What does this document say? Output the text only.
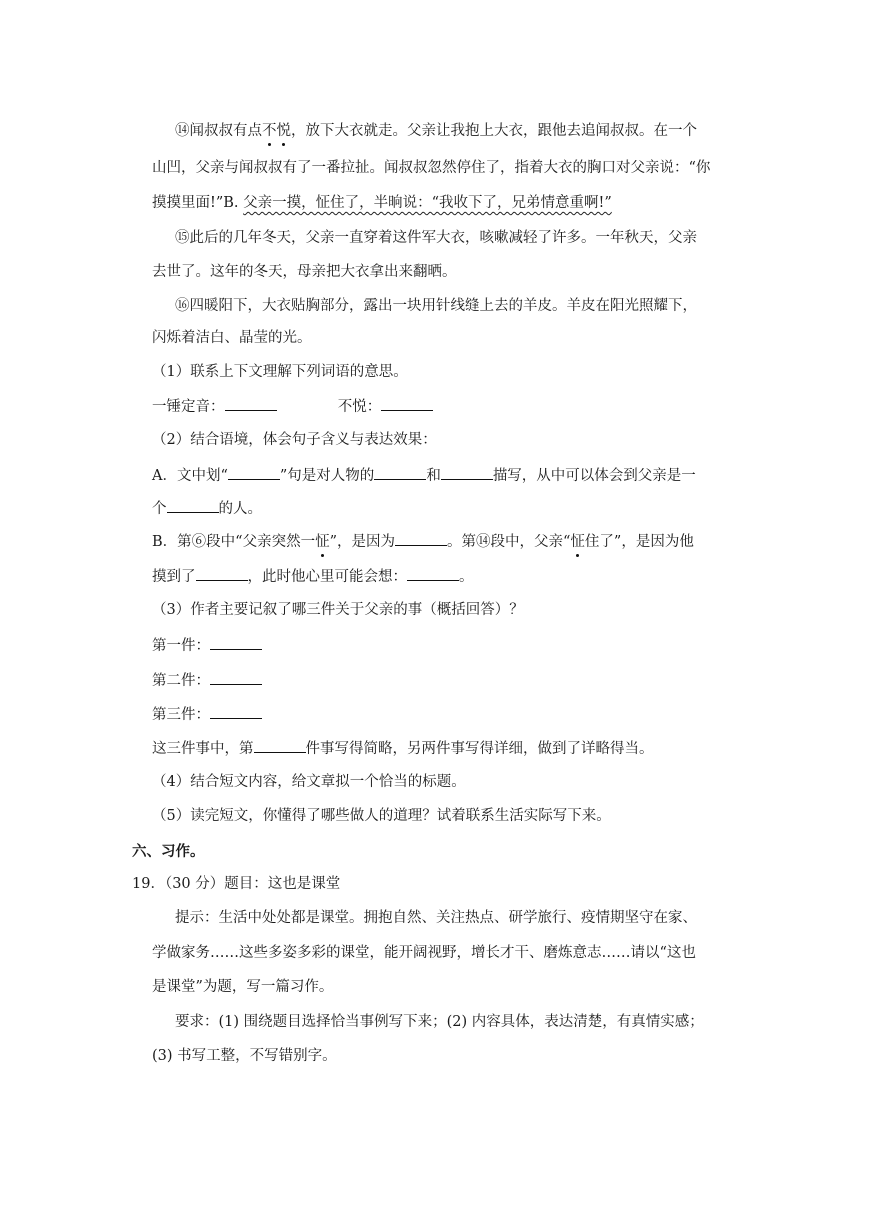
⑭闻叔叔有点不悦，放下大衣就走。父亲让我抱上大衣，跟他去追闻叔叔。在一个
山凹，父亲与闻叔叔有了一番拉扯。闻叔叔忽然停住了，指着大衣的胸口对父亲说：“你
摸摸里面!”B. 父亲一摸，怔住了，半晌说：“我收下了，兄弟情意重啊!”
⑮此后的几年冬天，父亲一直穿着这件军大衣，咳嗽减轻了许多。一年秋天，父亲
去世了。这年的冬天，母亲把大衣拿出来翻晒。
⑯四暖阳下，大衣贴胸部分，露出一块用针线缝上去的羊皮。羊皮在阳光照耀下，
闪烁着洁白、晶莹的光。
（1）联系上下文理解下列词语的意思。
一锤定音：	不悦：
（2）结合语境，体会句子含义与表达效果：
A．文中划“	”句是对人物的	和	描写，从中可以体会到父亲是一
个	的人。
B．第⑥段中“父亲突然一怔”，是因为	。第⑭段中，父亲“怔住了”，是因为他
摸到了	，此时他心里可能会想：	。
（3）作者主要记叙了哪三件关于父亲的事（概括回答）？
第一件：
第二件：
第三件：
这三件事中，第	件事写得简略，另两件事写得详细，做到了详略得当。
（4）结合短文内容，给文章拟一个恰当的标题。
（5）读完短文，你懂得了哪些做人的道理？试着联系生活实际写下来。
六、习作。
19．（30 分）题目：这也是课堂
提示：生活中处处都是课堂。拥抱自然、关注热点、研学旅行、疫情期坚守在家、
学做家务……这些多姿多彩的课堂，能开阔视野，增长才干、磨炼意志……请以“这也
是课堂”为题，写一篇习作。
要求：(1) 围绕题目选择恰当事例写下来；(2) 内容具体，表达清楚，有真情实感；
(3) 书写工整，不写错别字。
